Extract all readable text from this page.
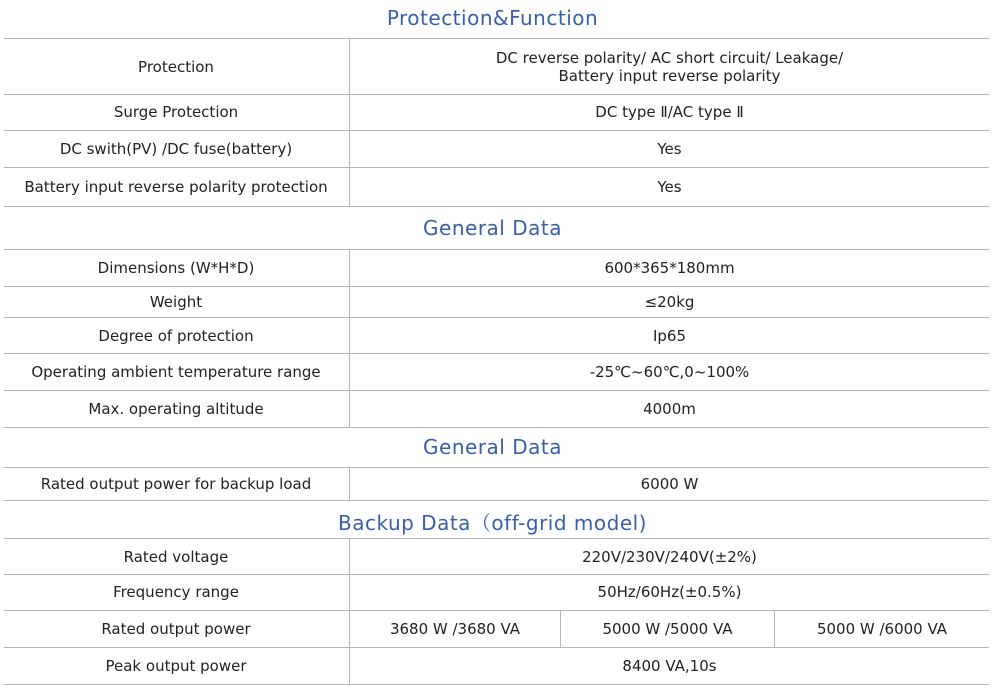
Protection&Function
Protection	DC reverse polarity/ AC short circuit/ Leakage/
Battery input reverse polarity
Surge Protection	DC type Ⅱ/AC type Ⅱ
DC swith(PV) /DC fuse(battery)	Yes
Battery input reverse polarity protection	Yes
General Data
Dimensions (W*H*D)	600*365*180mm
Weight	≤20kg
Degree of protection	Ip65
Operating ambient temperature range	-25℃~60℃,0~100%
Max. operating altitude	4000m
General Data
Rated output power for backup load	6000 W
Backup Data（off-grid model)
Rated voltage	220V/230V/240V(±2%)
Frequency range	50Hz/60Hz(±0.5%)
Rated output power	3680 W /3680 VA	5000 W /5000 VA	5000 W /6000 VA
Peak output power	8400 VA,10s
